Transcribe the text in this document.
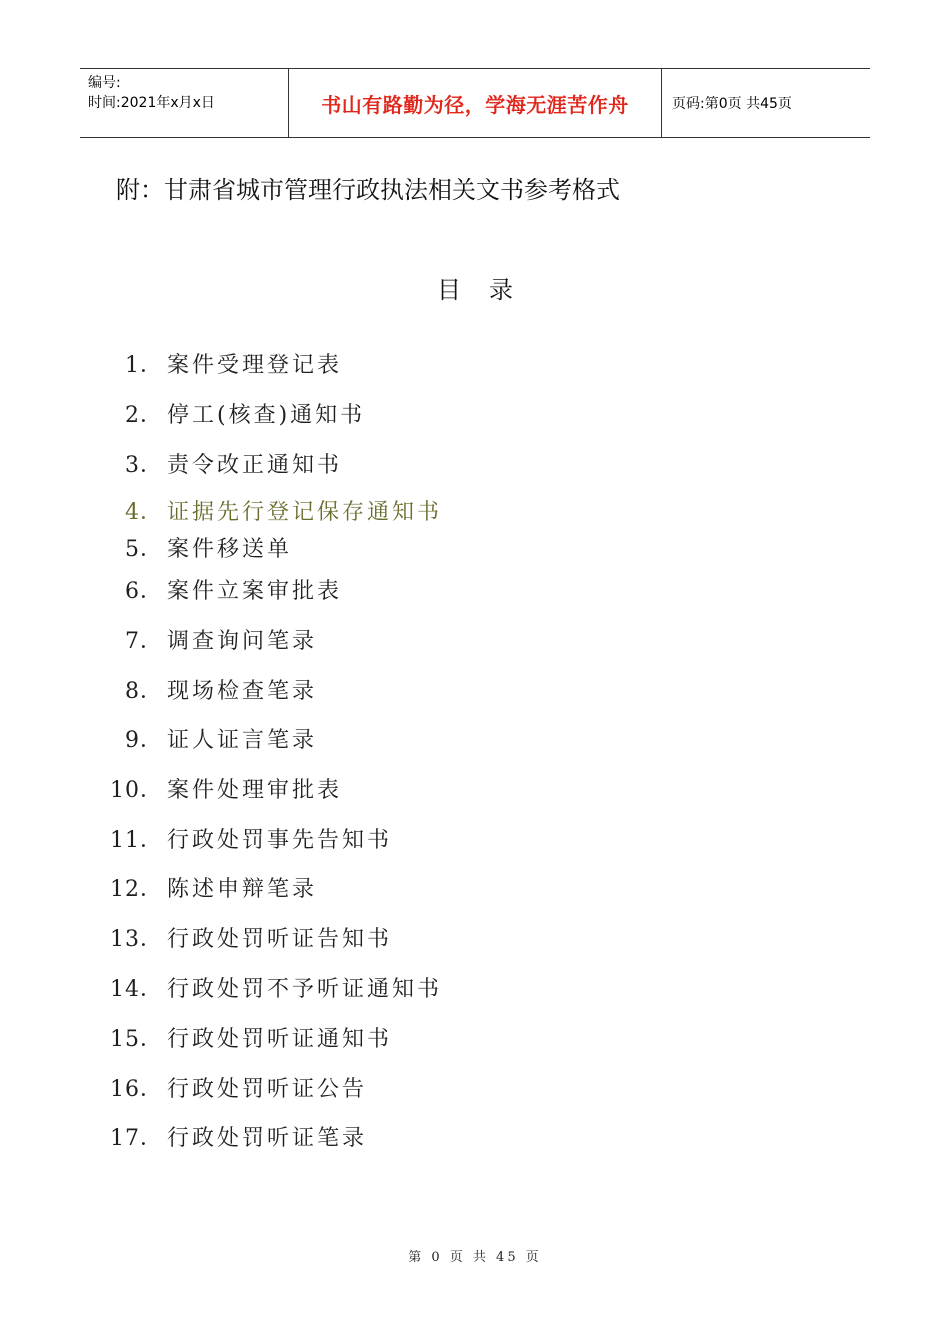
编号:
时间:2021年x月x日	书山有路勤为径，学海无涯苦作舟	页码:第0页 共45页
附：甘肃省城市管理行政执法相关文书参考格式
目录
1． 案件受理登记表
2． 停工(核查)通知书
3． 责令改正通知书
4． 证据先行登记保存通知书
5． 案件移送单
6． 案件立案审批表
7． 调查询问笔录
8． 现场检查笔录
9． 证人证言笔录
10． 案件处理审批表
11． 行政处罚事先告知书
12． 陈述申辩笔录
13． 行政处罚听证告知书
14． 行政处罚不予听证通知书
15． 行政处罚听证通知书
16． 行政处罚听证公告
17． 行政处罚听证笔录
第 0 页 共 45 页
